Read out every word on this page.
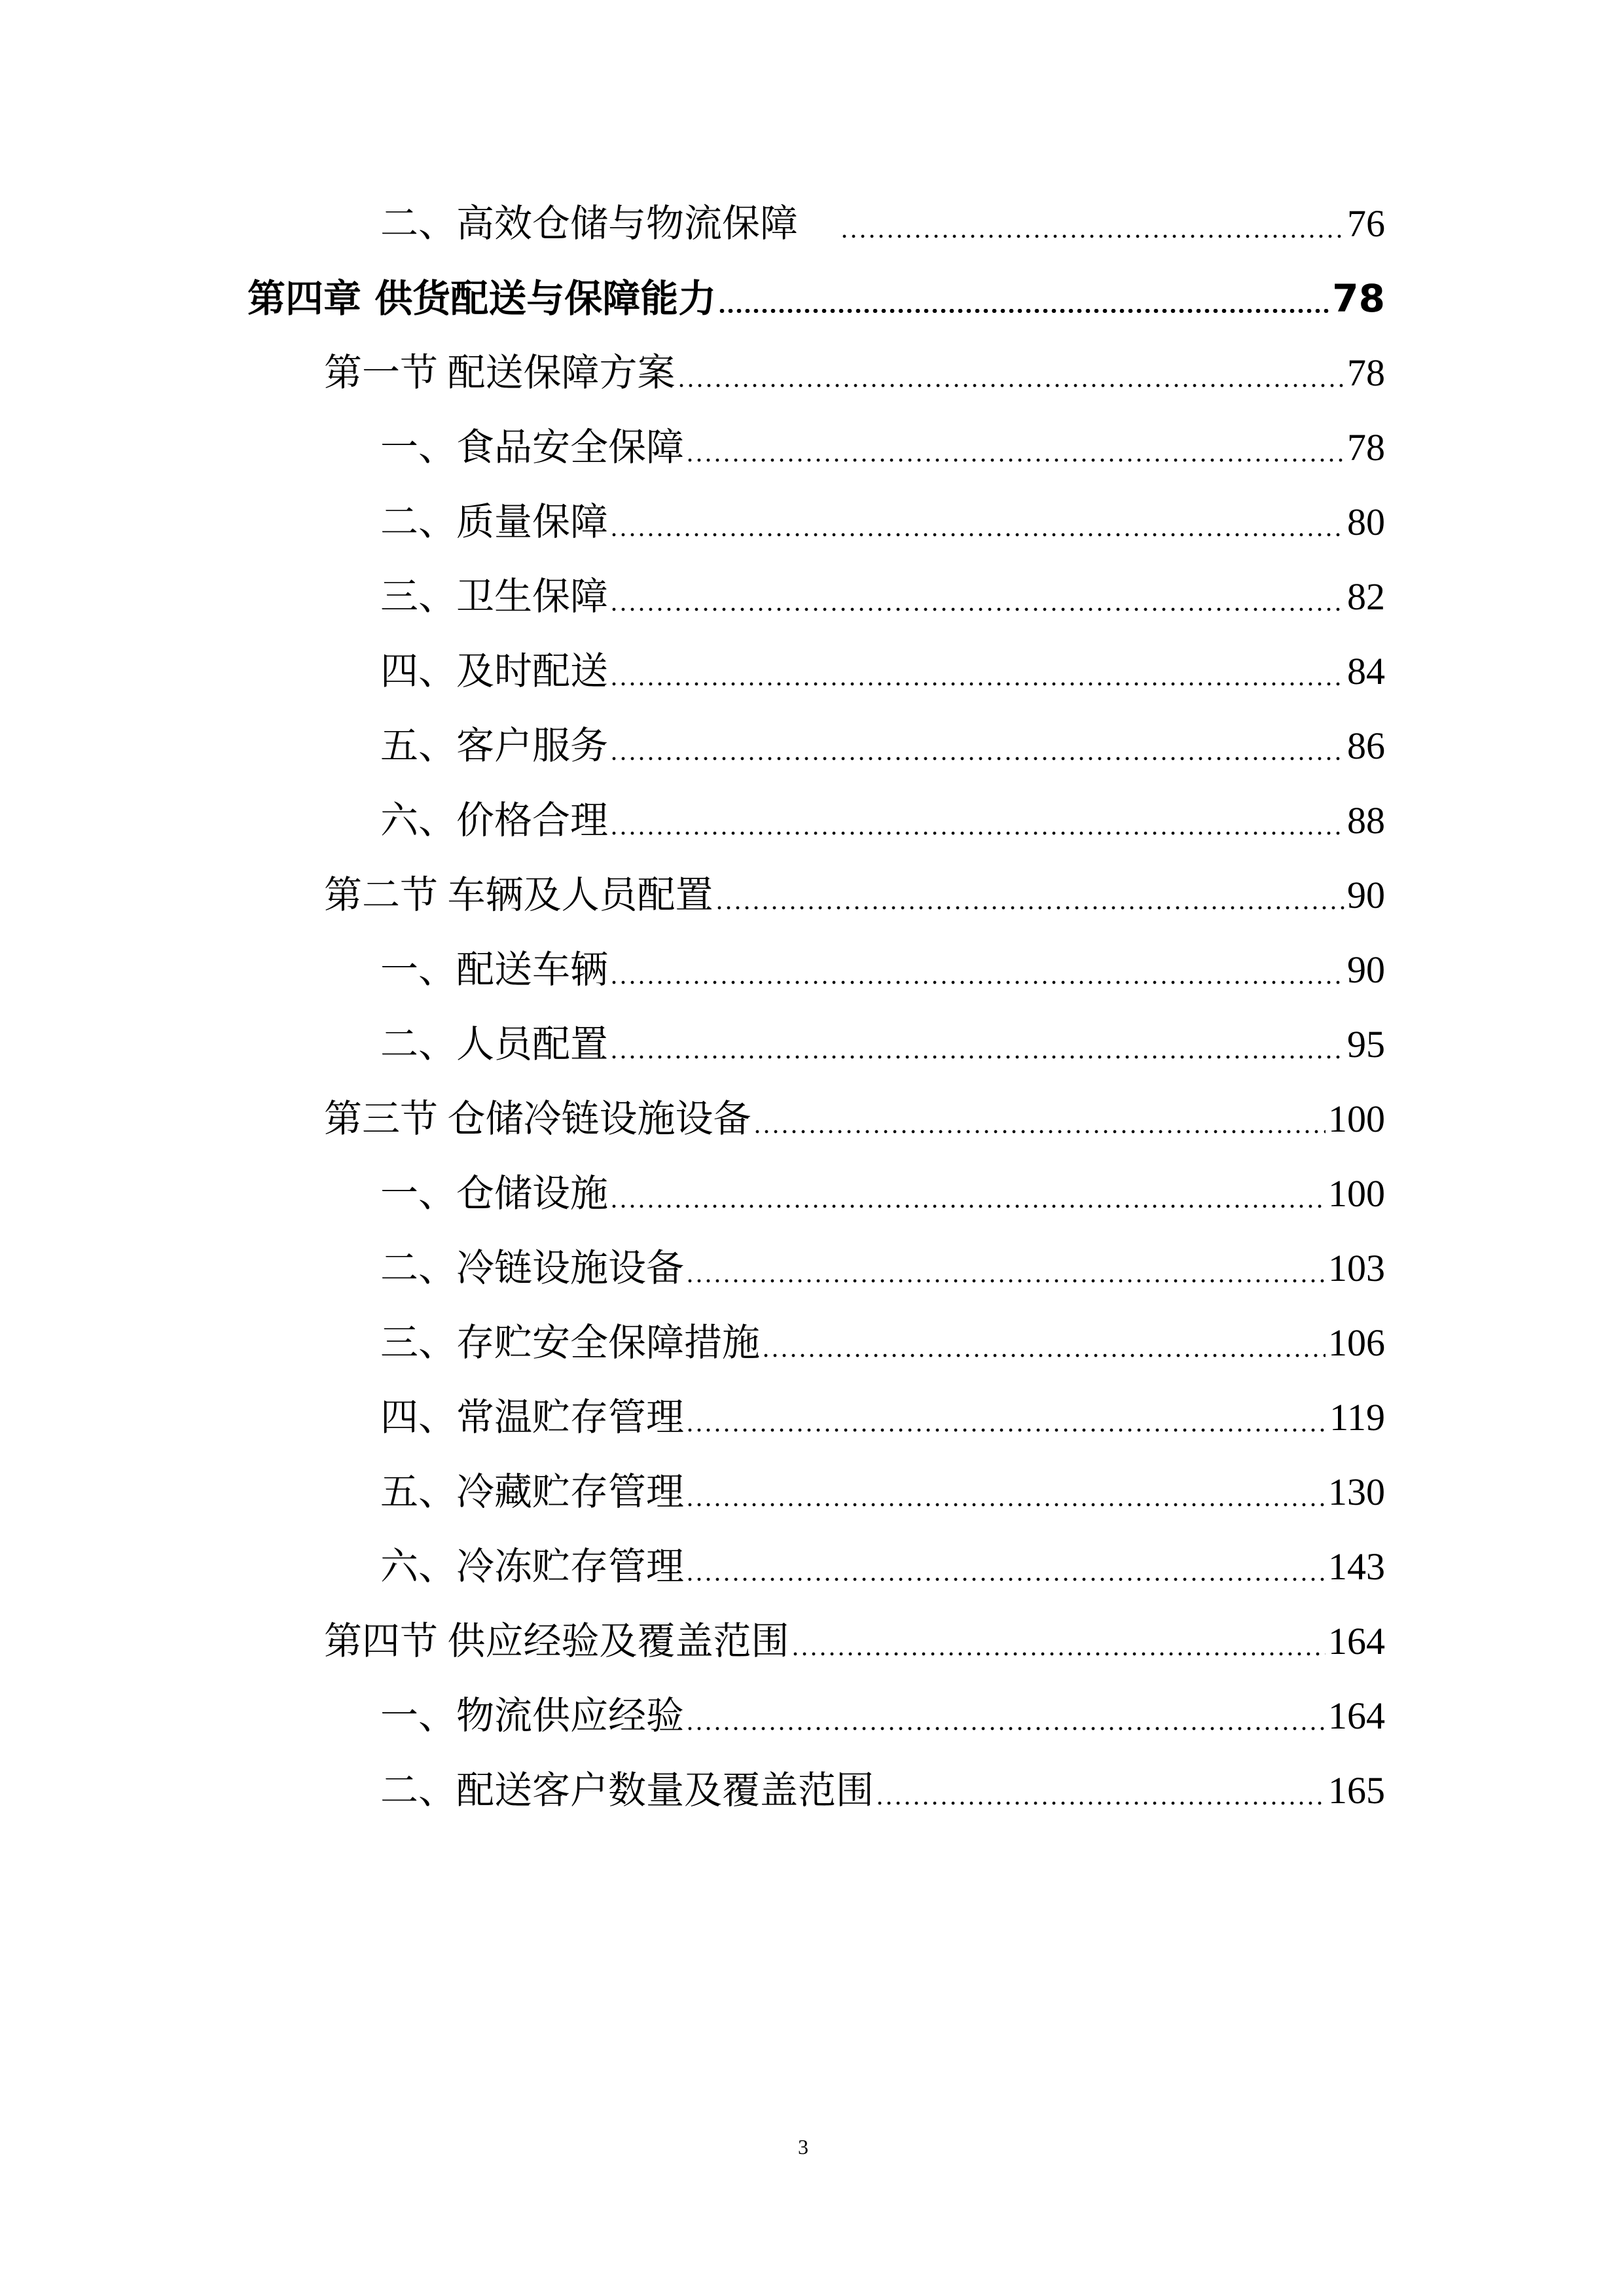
二、高效仓储与物流保障	76
第四章 供货配送与保障能力	78
第一节 配送保障方案	78
一、食品安全保障	78
二、质量保障	80
三、卫生保障	82
四、及时配送	84
五、客户服务	86
六、价格合理	88
第二节 车辆及人员配置	90
一、配送车辆	90
二、人员配置	95
第三节 仓储冷链设施设备	100
一、仓储设施	100
二、冷链设施设备	103
三、存贮安全保障措施	106
四、常温贮存管理	119
五、冷藏贮存管理	130
六、冷冻贮存管理	143
第四节 供应经验及覆盖范围	164
一、物流供应经验	164
二、配送客户数量及覆盖范围	165
3
